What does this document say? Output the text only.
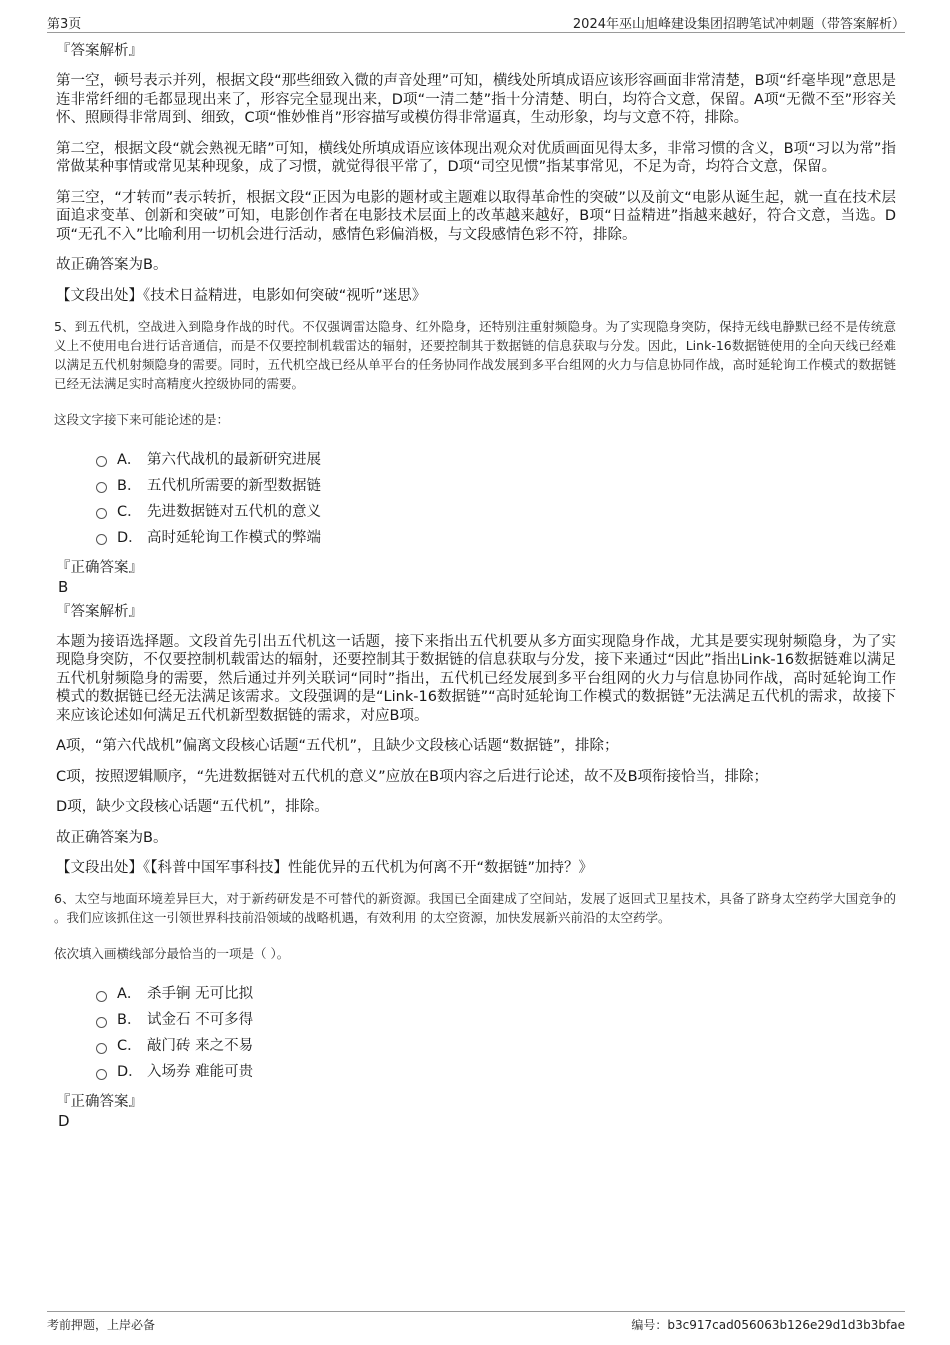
第3页	2024年巫山旭峰建设集团招聘笔试冲刺题（带答案解析）
『答案解析』

第一空，顿号表示并列，根据文段“那些细致入微的声音处理”可知，横线处所填成语应该形容画面非常清楚，B项“纤毫毕现”意思是连非常纤细的毛都显现出来了，形容完全显现出来，D项“一清二楚”指十分清楚、明白，均符合文意，保留。A项“无微不至”形容关怀、照顾得非常周到、细致，C项“惟妙惟肖”形容描写或模仿得非常逼真，生动形象，均与文意不符，排除。

第二空，根据文段“就会熟视无睹”可知，横线处所填成语应该体现出观众对优质画面见得太多，非常习惯的含义，B项“习以为常”指常做某种事情或常见某种现象，成了习惯，就觉得很平常了，D项“司空见惯”指某事常见，不足为奇，均符合文意，保留。

第三空，“才转而”表示转折，根据文段“正因为电影的题材或主题难以取得革命性的突破”以及前文“电影从诞生起，就一直在技术层面追求变革、创新和突破”可知，电影创作者在电影技术层面上的改革越来越好，B项“日益精进”指越来越好，符合文意，当选。D项“无孔不入”比喻利用一切机会进行活动，感情色彩偏消极，与文段感情色彩不符，排除。

故正确答案为B。

【文段出处】《技术日益精进，电影如何突破“视听”迷思》

5、到五代机，空战进入到隐身作战的时代。不仅强调雷达隐身、红外隐身，还特别注重射频隐身。为了实现隐身突防，保持无线电静默已经不是传统意义上不使用电台进行话音通信，而是不仅要控制机载雷达的辐射，还要控制其于数据链的信息获取与分发。因此，Link-16数据链使用的全向天线已经难以满足五代机射频隐身的需要。同时，五代机空战已经从单平台的任务协同作战发展到多平台组网的火力与信息协同作战，高时延轮询工作模式的数据链已经无法满足实时高精度火控级协同的需要。

这段文字接下来可能论述的是：
A． 第六代战机的最新研究进展
B． 五代机所需要的新型数据链
C． 先进数据链对五代机的意义
D． 高时延轮询工作模式的弊端
『正确答案』
B
『答案解析』

本题为接语选择题。文段首先引出五代机这一话题，接下来指出五代机要从多方面实现隐身作战，尤其是要实现射频隐身，为了实现隐身突防，不仅要控制机载雷达的辐射，还要控制其于数据链的信息获取与分发，接下来通过“因此”指出Link-16数据链难以满足五代机射频隐身的需要，然后通过并列关联词“同时”指出，五代机已经发展到多平台组网的火力与信息协同作战，高时延轮询工作模式的数据链已经无法满足该需求。文段强调的是“Link-16数据链”“高时延轮询工作模式的数据链”无法满足五代机的需求，故接下来应该论述如何满足五代机新型数据链的需求，对应B项。

A项，“第六代战机”偏离文段核心话题“五代机”，且缺少文段核心话题“数据链”，排除；

C项，按照逻辑顺序，“先进数据链对五代机的意义”应放在B项内容之后进行论述，故不及B项衔接恰当，排除；

D项，缺少文段核心话题“五代机”，排除。

故正确答案为B。

【文段出处】《【科普中国军事科技】性能优异的五代机为何离不开“数据链”加持？》

6、太空与地面环境差异巨大，对于新药研发是不可替代的新资源。我国已全面建成了空间站，发展了返回式卫星技术，具备了跻身太空药学大国竞争的 。我们应该抓住这一引领世界科技前沿领域的战略机遇，有效利用 的太空资源，加快发展新兴前沿的太空药学。

依次填入画横线部分最恰当的一项是（ ）。
A． 杀手锏 无可比拟
B． 试金石 不可多得
C． 敲门砖 来之不易
D． 入场券 难能可贵
『正确答案』
D
考前押题，上岸必备	编号：b3c917cad056063b126e29d1d3b3bfae
